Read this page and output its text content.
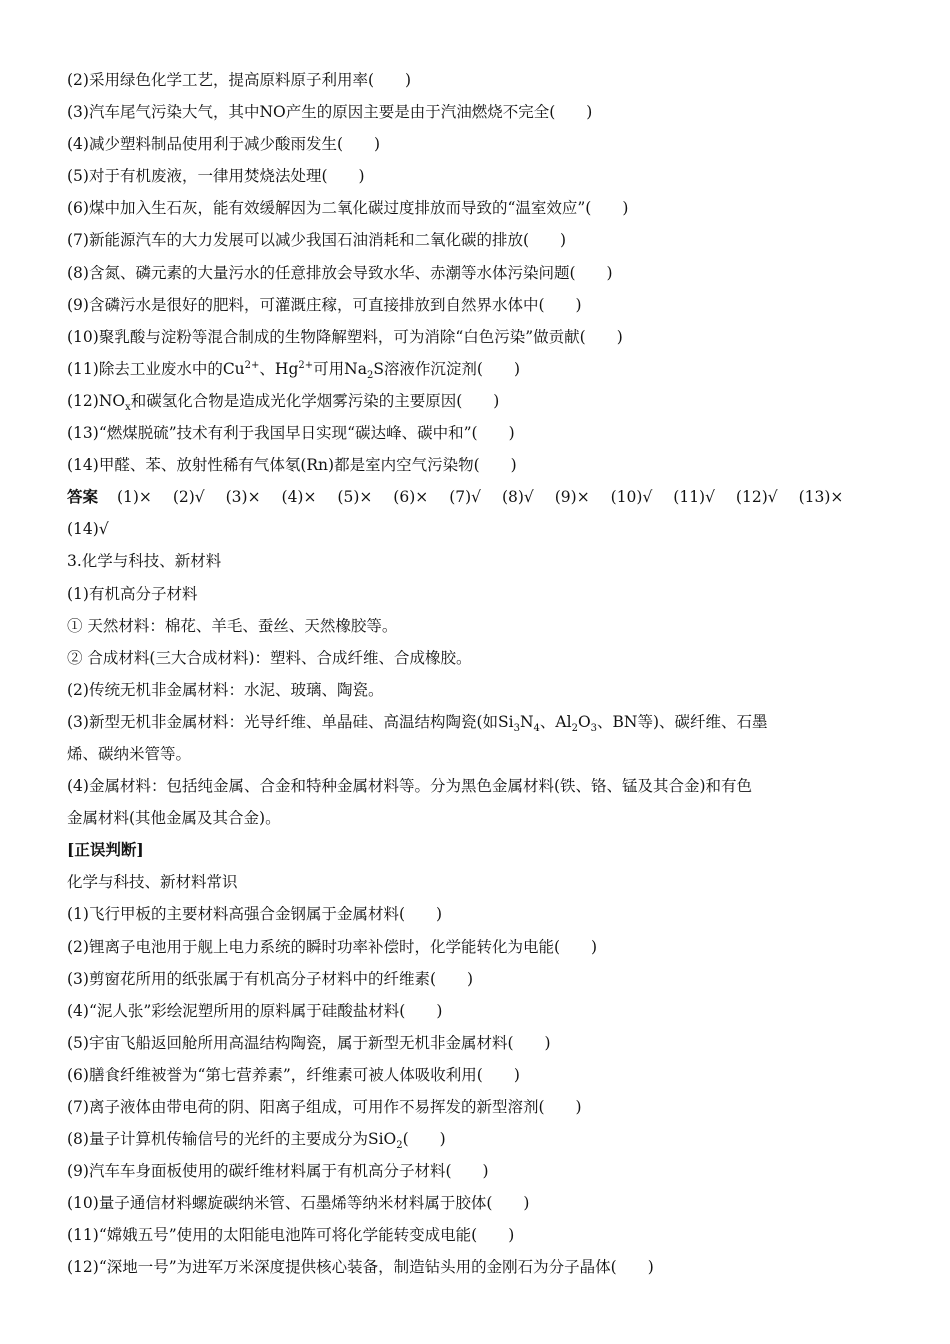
(2)采用绿色化学工艺，提高原料原子利用率(　　)
(3)汽车尾气污染大气，其中NO产生的原因主要是由于汽油燃烧不完全(　　)
(4)减少塑料制品使用利于减少酸雨发生(　　)
(5)对于有机废液，一律用焚烧法处理(　　)
(6)煤中加入生石灰，能有效缓解因为二氧化碳过度排放而导致的“温室效应”(　　)
(7)新能源汽车的大力发展可以减少我国石油消耗和二氧化碳的排放(　　)
(8)含氮、磷元素的大量污水的任意排放会导致水华、赤潮等水体污染问题(　　)
(9)含磷污水是很好的肥料，可灌溉庄稼，可直接排放到自然界水体中(　　)
(10)聚乳酸与淀粉等混合制成的生物降解塑料，可为消除“白色污染”做贡献(　　)
(11)除去工业废水中的$Cu^{2+}$、$Hg^{2+}$可用$Na_2S$溶液作沉淀剂(　　)
$(12)NO_x$和碳氢化合物是造成光化学烟雾污染的主要原因(　　)
(13)“燃煤脱硫”技术有利于我国早日实现“碳达峰、碳中和”(　　)
(14)甲醛、苯、放射性稀有气体氡(Rn)都是室内空气污染物(　　)
答案 (1)× (2)√ (3)× (4)× (5)× (6)× (7)√ (8)√ (9)× (10)√ (11)√ (12)√ (13)×
(14)√
3.化学与科技、新材料
(1)有机高分子材料
① 天然材料：棉花、羊毛、蚕丝、天然橡胶等。
② 合成材料(三大合成材料)：塑料、合成纤维、合成橡胶。
(2)传统无机非金属材料：水泥、玻璃、陶瓷。
(3)新型无机非金属材料：光导纤维、单晶硅、高温结构陶瓷(如$Si_3N_4$、$Al_2O_3$、BN等)、碳纤维、石墨
烯、碳纳米管等。
(4)金属材料：包括纯金属、合金和特种金属材料等。分为黑色金属材料(铁、铬、锰及其合金)和有色
金属材料(其他金属及其合金)。
[正误判断]
化学与科技、新材料常识
(1)飞行甲板的主要材料高强合金钢属于金属材料(　　)
(2)锂离子电池用于舰上电力系统的瞬时功率补偿时，化学能转化为电能(　　)
(3)剪窗花所用的纸张属于有机高分子材料中的纤维素(　　)
(4)“泥人张”彩绘泥塑所用的原料属于硅酸盐材料(　　)
(5)宇宙飞船返回舱所用高温结构陶瓷，属于新型无机非金属材料(　　)
(6)膳食纤维被誉为“第七营养素”，纤维素可被人体吸收利用(　　)
(7)离子液体由带电荷的阴、阳离子组成，可用作不易挥发的新型溶剂(　　)
(8)量子计算机传输信号的光纤的主要成分为SiO$_2$(　　)
(9)汽车车身面板使用的碳纤维材料属于有机高分子材料(　　)
(10)量子通信材料螺旋碳纳米管、石墨烯等纳米材料属于胶体(　　)
(11)“嫦娥五号”使用的太阳能电池阵可将化学能转变成电能(　　)
(12)“深地一号”为进军万米深度提供核心装备，制造钻头用的金刚石为分子晶体(　　)
